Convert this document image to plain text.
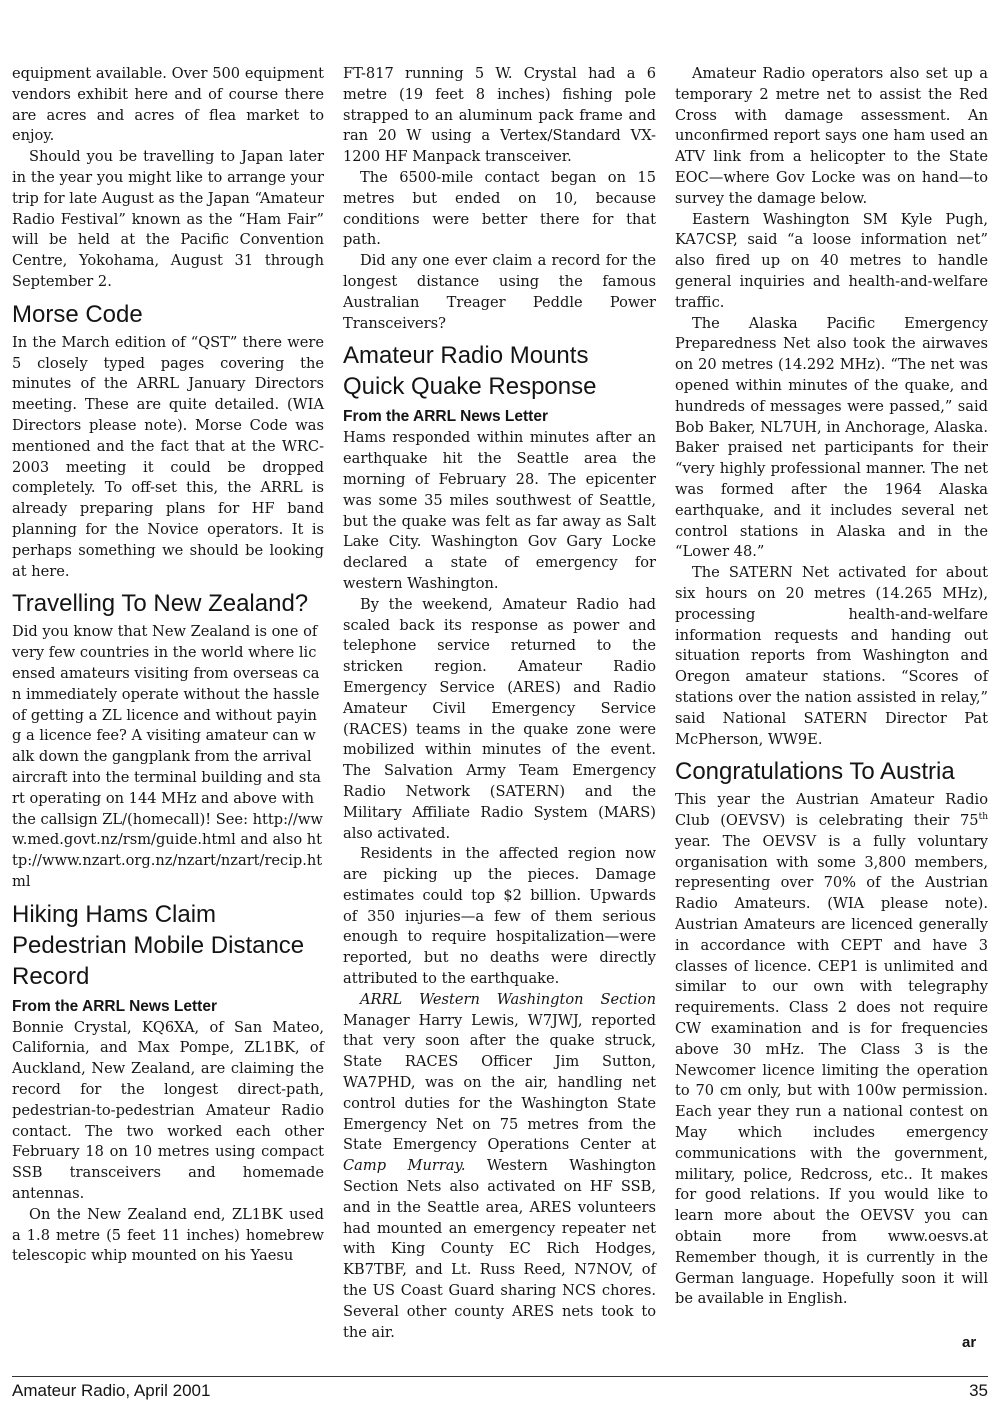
equipment available. Over 500 equipment vendors exhibit here and of course there are acres and acres of flea market to enjoy.

Should you be travelling to Japan later in the year you might like to arrange your trip for late August as the Japan “Amateur Radio Festival” known as the “Ham Fair” will be held at the Pacific Convention Centre, Yokohama, August 31 through September 2.

Morse Code

In the March edition of “QST” there were 5 closely typed pages covering the minutes of the ARRL January Directors meeting. These are quite detailed. (WIA Directors please note). Morse Code was mentioned and the fact that at the WRC-2003 meeting it could be dropped completely. To off-set this, the ARRL is already preparing plans for HF band planning for the Novice operators. It is perhaps something we should be looking at here.

Travelling To New Zealand?

Did you know that New Zealand is one of very few countries in the world where licensed amateurs visiting from overseas can immediately operate without the hassle of getting a ZL licence and without paying a licence fee? A visiting amateur can walk down the gangplank from the arrival aircraft into the terminal building and start operating on 144 MHz and above with the callsign ZL/(homecall)! See: http://www.med.govt.nz/rsm/guide.html and also http://www.nzart.org.nz/nzart/nzart/recip.html

Hiking Hams Claim Pedestrian Mobile Distance Record
From the ARRL News Letter

Bonnie Crystal, KQ6XA, of San Mateo, California, and Max Pompe, ZL1BK, of Auckland, New Zealand, are claiming the record for the longest direct-path, pedestrian-to-pedestrian Amateur Radio contact. The two worked each other February 18 on 10 metres using compact SSB transceivers and homemade antennas.

On the New Zealand end, ZL1BK used a 1.8 metre (5 feet 11 inches) homebrew telescopic whip mounted on his Yaesu

FT-817 running 5 W. Crystal had a 6 metre (19 feet 8 inches) fishing pole strapped to an aluminum pack frame and ran 20 W using a Vertex/Standard VX-1200 HF Manpack transceiver.

The 6500-mile contact began on 15 metres but ended on 10, because conditions were better there for that path.

Did any one ever claim a record for the longest distance using the famous Australian Treager Peddle Power Transceivers?

Amateur Radio Mounts Quick Quake Response
From the ARRL News Letter

Hams responded within minutes after an earthquake hit the Seattle area the morning of February 28. The epicenter was some 35 miles southwest of Seattle, but the quake was felt as far away as Salt Lake City. Washington Gov Gary Locke declared a state of emergency for western Washington.

By the weekend, Amateur Radio had scaled back its response as power and telephone service returned to the stricken region. Amateur Radio Emergency Service (ARES) and Radio Amateur Civil Emergency Service (RACES) teams in the quake zone were mobilized within minutes of the event. The Salvation Army Team Emergency Radio Network (SATERN) and the Military Affiliate Radio System (MARS) also activated.

Residents in the affected region now are picking up the pieces. Damage estimates could top $2 billion. Upwards of 350 injuries—a few of them serious enough to require hospitalization—were reported, but no deaths were directly attributed to the earthquake.

ARRL Western Washington Section Manager Harry Lewis, W7JWJ, reported that very soon after the quake struck, State RACES Officer Jim Sutton, WA7PHD, was on the air, handling net control duties for the Washington State Emergency Net on 75 metres from the State Emergency Operations Center at Camp Murray. Western Washington Section Nets also activated on HF SSB, and in the Seattle area, ARES volunteers had mounted an emergency repeater net with King County EC Rich Hodges, KB7TBF, and Lt. Russ Reed, N7NOV, of the US Coast Guard sharing NCS chores. Several other county ARES nets took to the air.

Amateur Radio operators also set up a temporary 2 metre net to assist the Red Cross with damage assessment. An unconfirmed report says one ham used an ATV link from a helicopter to the State EOC—where Gov Locke was on hand—to survey the damage below.

Eastern Washington SM Kyle Pugh, KA7CSP, said “a loose information net” also fired up on 40 metres to handle general inquiries and health-and-welfare traffic.

The Alaska Pacific Emergency Preparedness Net also took the airwaves on 20 metres (14.292 MHz). “The net was opened within minutes of the quake, and hundreds of messages were passed,” said Bob Baker, NL7UH, in Anchorage, Alaska. Baker praised net participants for their “very highly professional manner. The net was formed after the 1964 Alaska earthquake, and it includes several net control stations in Alaska and in the “Lower 48.”

The SATERN Net activated for about six hours on 20 metres (14.265 MHz), processing health-and-welfare information requests and handing out situation reports from Washington and Oregon amateur stations. “Scores of stations over the nation assisted in relay,” said National SATERN Director Pat McPherson, WW9E.

Congratulations To Austria

This year the Austrian Amateur Radio Club (OEVSV) is celebrating their 75th year. The OEVSV is a fully voluntary organisation with some 3,800 members, representing over 70% of the Austrian Radio Amateurs. (WIA please note). Austrian Amateurs are licenced generally in accordance with CEPT and have 3 classes of licence. CEP1 is unlimited and similar to our own with telegraphy requirements. Class 2 does not require CW examination and is for frequencies above 30 mHz. The Class 3 is the Newcomer licence limiting the operation to 70 cm only, but with 100w permission. Each year they run a national contest on May which includes emergency communications with the government, military, police, Redcross, etc.. It makes for good relations. If you would like to learn more about the OEVSV you can obtain more from www.oesvs.at Remember though, it is currently in the German language. Hopefully soon it will be available in English.

ar
Amateur Radio, April 2001	35
